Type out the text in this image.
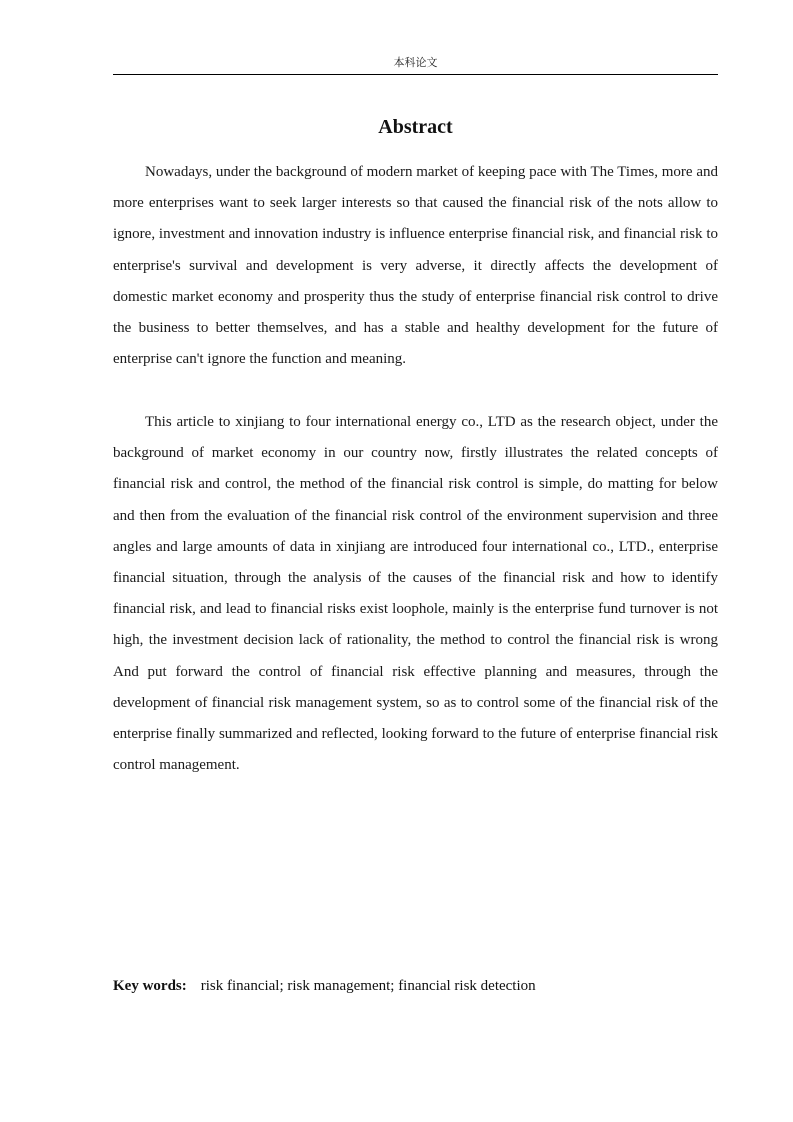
本科论文
Abstract

Nowadays, under the background of modern market of keeping pace with The Times, more and more enterprises want to seek larger interests so that caused the financial risk of the nots allow to ignore, investment and innovation industry is influence enterprise financial risk, and financial risk to enterprise's survival and development is very adverse, it directly affects the development of domestic market economy and prosperity thus the study of enterprise financial risk control to drive the business to better themselves, and has a stable and healthy development for the future of enterprise can't ignore the function and meaning.

This article to xinjiang to four international energy co., LTD as the research object, under the background of market economy in our country now, firstly illustrates the related concepts of financial risk and control, the method of the financial risk control is simple, do matting for below and then from the evaluation of the financial risk control of the environment supervision and three angles and large amounts of data in xinjiang are introduced four international co., LTD., enterprise financial situation, through the analysis of the causes of the financial risk and how to identify financial risk, and lead to financial risks exist loophole, mainly is the enterprise fund turnover is not high, the investment decision lack of rationality, the method to control the financial risk is wrong And put forward the control of financial risk effective planning and measures, through the development of financial risk management system, so as to control some of the financial risk of the enterprise finally summarized and reflected, looking forward to the future of enterprise financial risk control management.

Key words: risk financial; risk management; financial risk detection
